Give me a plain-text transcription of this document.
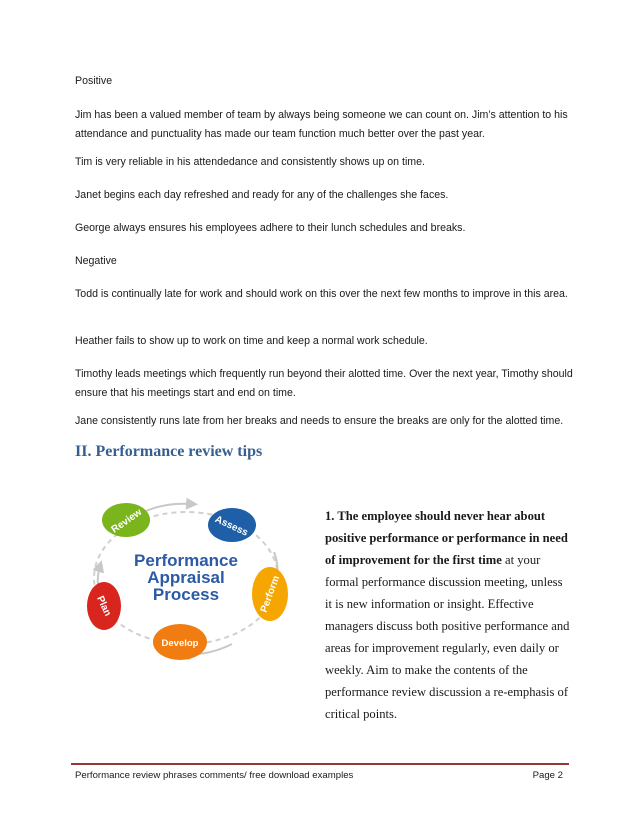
Positive

Jim has been a valued member of team by always being someone we can count on. Jim’s attention to his attendance and punctuality has made our team function much better over the past year.

Tim is very reliable in his attendedance and consistently shows up on time.

Janet begins each day refreshed and ready for any of the challenges she faces.

George always ensures his employees adhere to their lunch schedules and breaks.

Negative

Todd is continually late for work and should work on this over the next few months to improve in this area.

Heather fails to show up to work on time and keep a normal work schedule.

Timothy leads meetings which frequently run beyond their alotted time. Over the next year, Timothy should ensure that his meetings start and end on time.

Jane consistently runs late from her breaks and needs to ensure the breaks are only for the alotted time.

II. Performance review tips
Review	Assess
Perform
Develop
Plan
Performance
Appraisal
Process

1. The employee should never hear about positive performance or performance in need of improvement for the first time at your formal performance discussion meeting, unless it is new information or insight. Effective managers discuss both positive performance and areas for improvement regularly, even daily or weekly. Aim to make the contents of the performance review discussion a re-emphasis of critical points.

Performance review phrases comments/ free download examples	Page 2
